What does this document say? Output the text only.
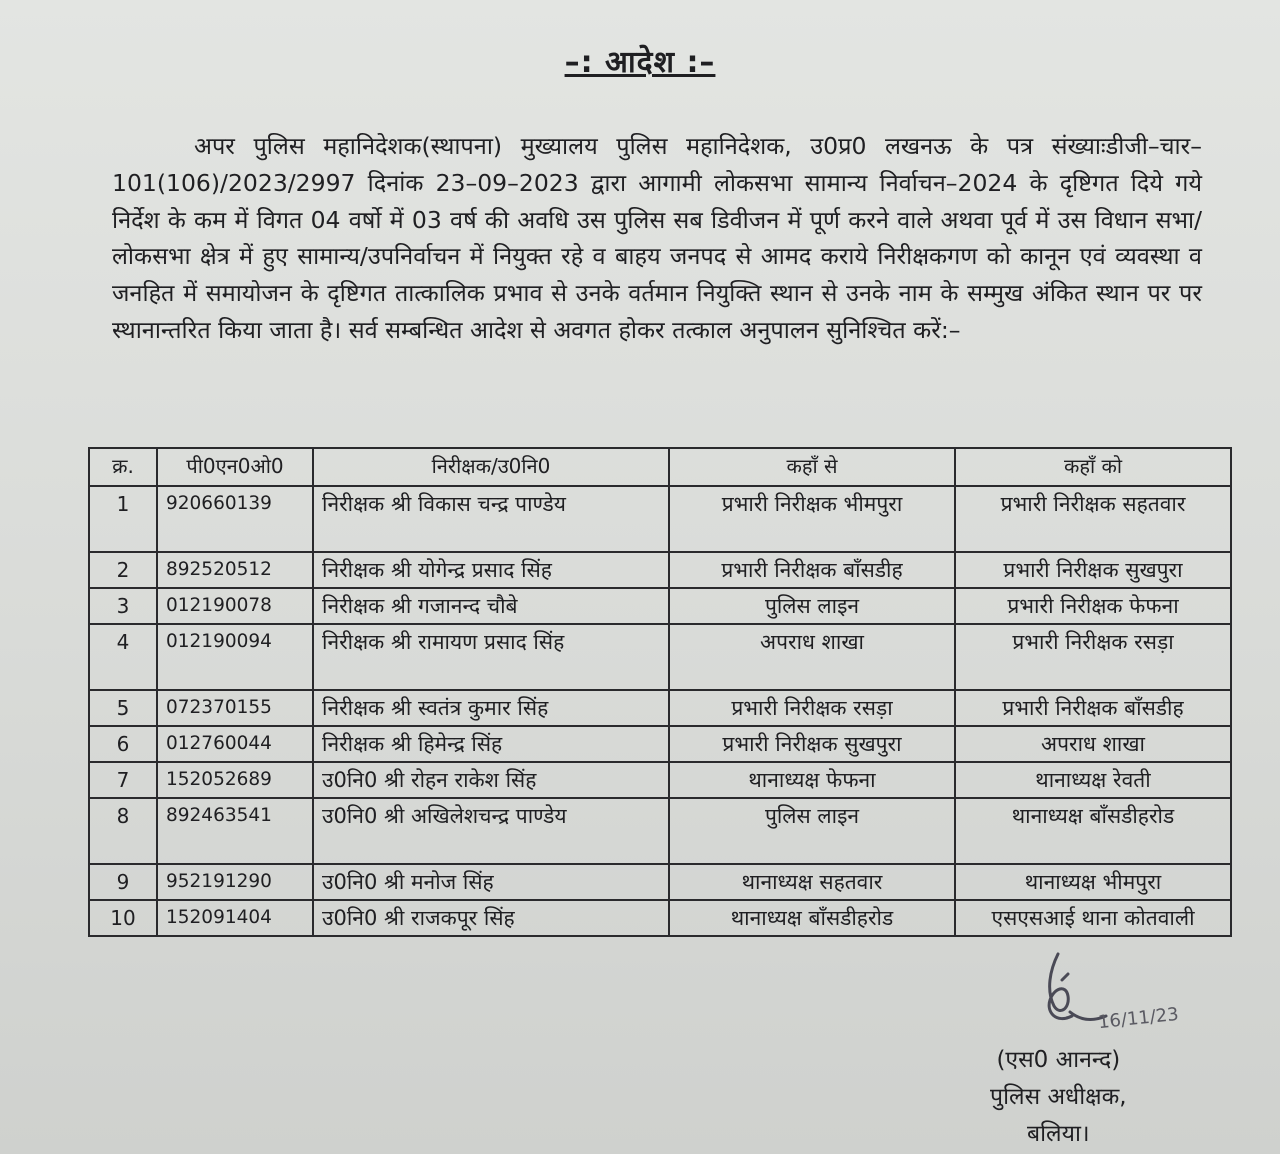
–: आदेश :–

अपर पुलिस महानिदेशक(स्थापना) मुख्यालय पुलिस महानिदेशक, उ0प्र0 लखनऊ के पत्र संख्याःडीजी–चार–101(106)/2023/2997 दिनांक 23–09–2023 द्वारा आगामी लोकसभा सामान्य निर्वाचन–2024 के दृष्टिगत दिये गये निर्देश के कम में विगत 04 वर्षो में 03 वर्ष की अवधि उस पुलिस सब डिवीजन में पूर्ण करने वाले अथवा पूर्व में उस विधान सभा/लोकसभा क्षेत्र में हुए सामान्य/उपनिर्वाचन में नियुक्त रहे व बाहय जनपद से आमद कराये निरीक्षकगण को कानून एवं व्यवस्था व जनहित में समायोजन के दृष्टिगत तात्कालिक प्रभाव से उनके वर्तमान नियुक्ति स्थान से उनके नाम के सम्मुख अंकित स्थान पर पर स्थानान्तरित किया जाता है। सर्व सम्बन्धित आदेश से अवगत होकर तत्काल अनुपालन सुनिश्चित करें:–

क्र.	पी0एन0ओ0	निरीक्षक/उ0नि0	कहाँ से	कहाँ को
1	920660139	निरीक्षक श्री विकास चन्द्र पाण्डेय	प्रभारी निरीक्षक भीमपुरा	प्रभारी निरीक्षक सहतवार
2	892520512	निरीक्षक श्री योगेन्द्र प्रसाद सिंह	प्रभारी निरीक्षक बाँसडीह	प्रभारी निरीक्षक सुखपुरा
3	012190078	निरीक्षक श्री गजानन्द चौबे	पुलिस लाइन	प्रभारी निरीक्षक फेफना
4	012190094	निरीक्षक श्री रामायण प्रसाद सिंह	अपराध शाखा	प्रभारी निरीक्षक रसड़ा
5	072370155	निरीक्षक श्री स्वतंत्र कुमार सिंह	प्रभारी निरीक्षक रसड़ा	प्रभारी निरीक्षक बाँसडीह
6	012760044	निरीक्षक श्री हिमेन्द्र सिंह	प्रभारी निरीक्षक सुखपुरा	अपराध शाखा
7	152052689	उ0नि0 श्री रोहन राकेश सिंह	थानाध्यक्ष फेफना	थानाध्यक्ष रेवती
8	892463541	उ0नि0 श्री अखिलेशचन्द्र पाण्डेय	पुलिस लाइन	थानाध्यक्ष बाँसडीहरोड
9	952191290	उ0नि0 श्री मनोज सिंह	थानाध्यक्ष सहतवार	थानाध्यक्ष भीमपुरा
10	152091404	उ0नि0 श्री राजकपूर सिंह	थानाध्यक्ष बाँसडीहरोड	एसएसआई थाना कोतवाली
16/11/23
(एस0 आनन्द)
पुलिस अधीक्षक,
बलिया।
